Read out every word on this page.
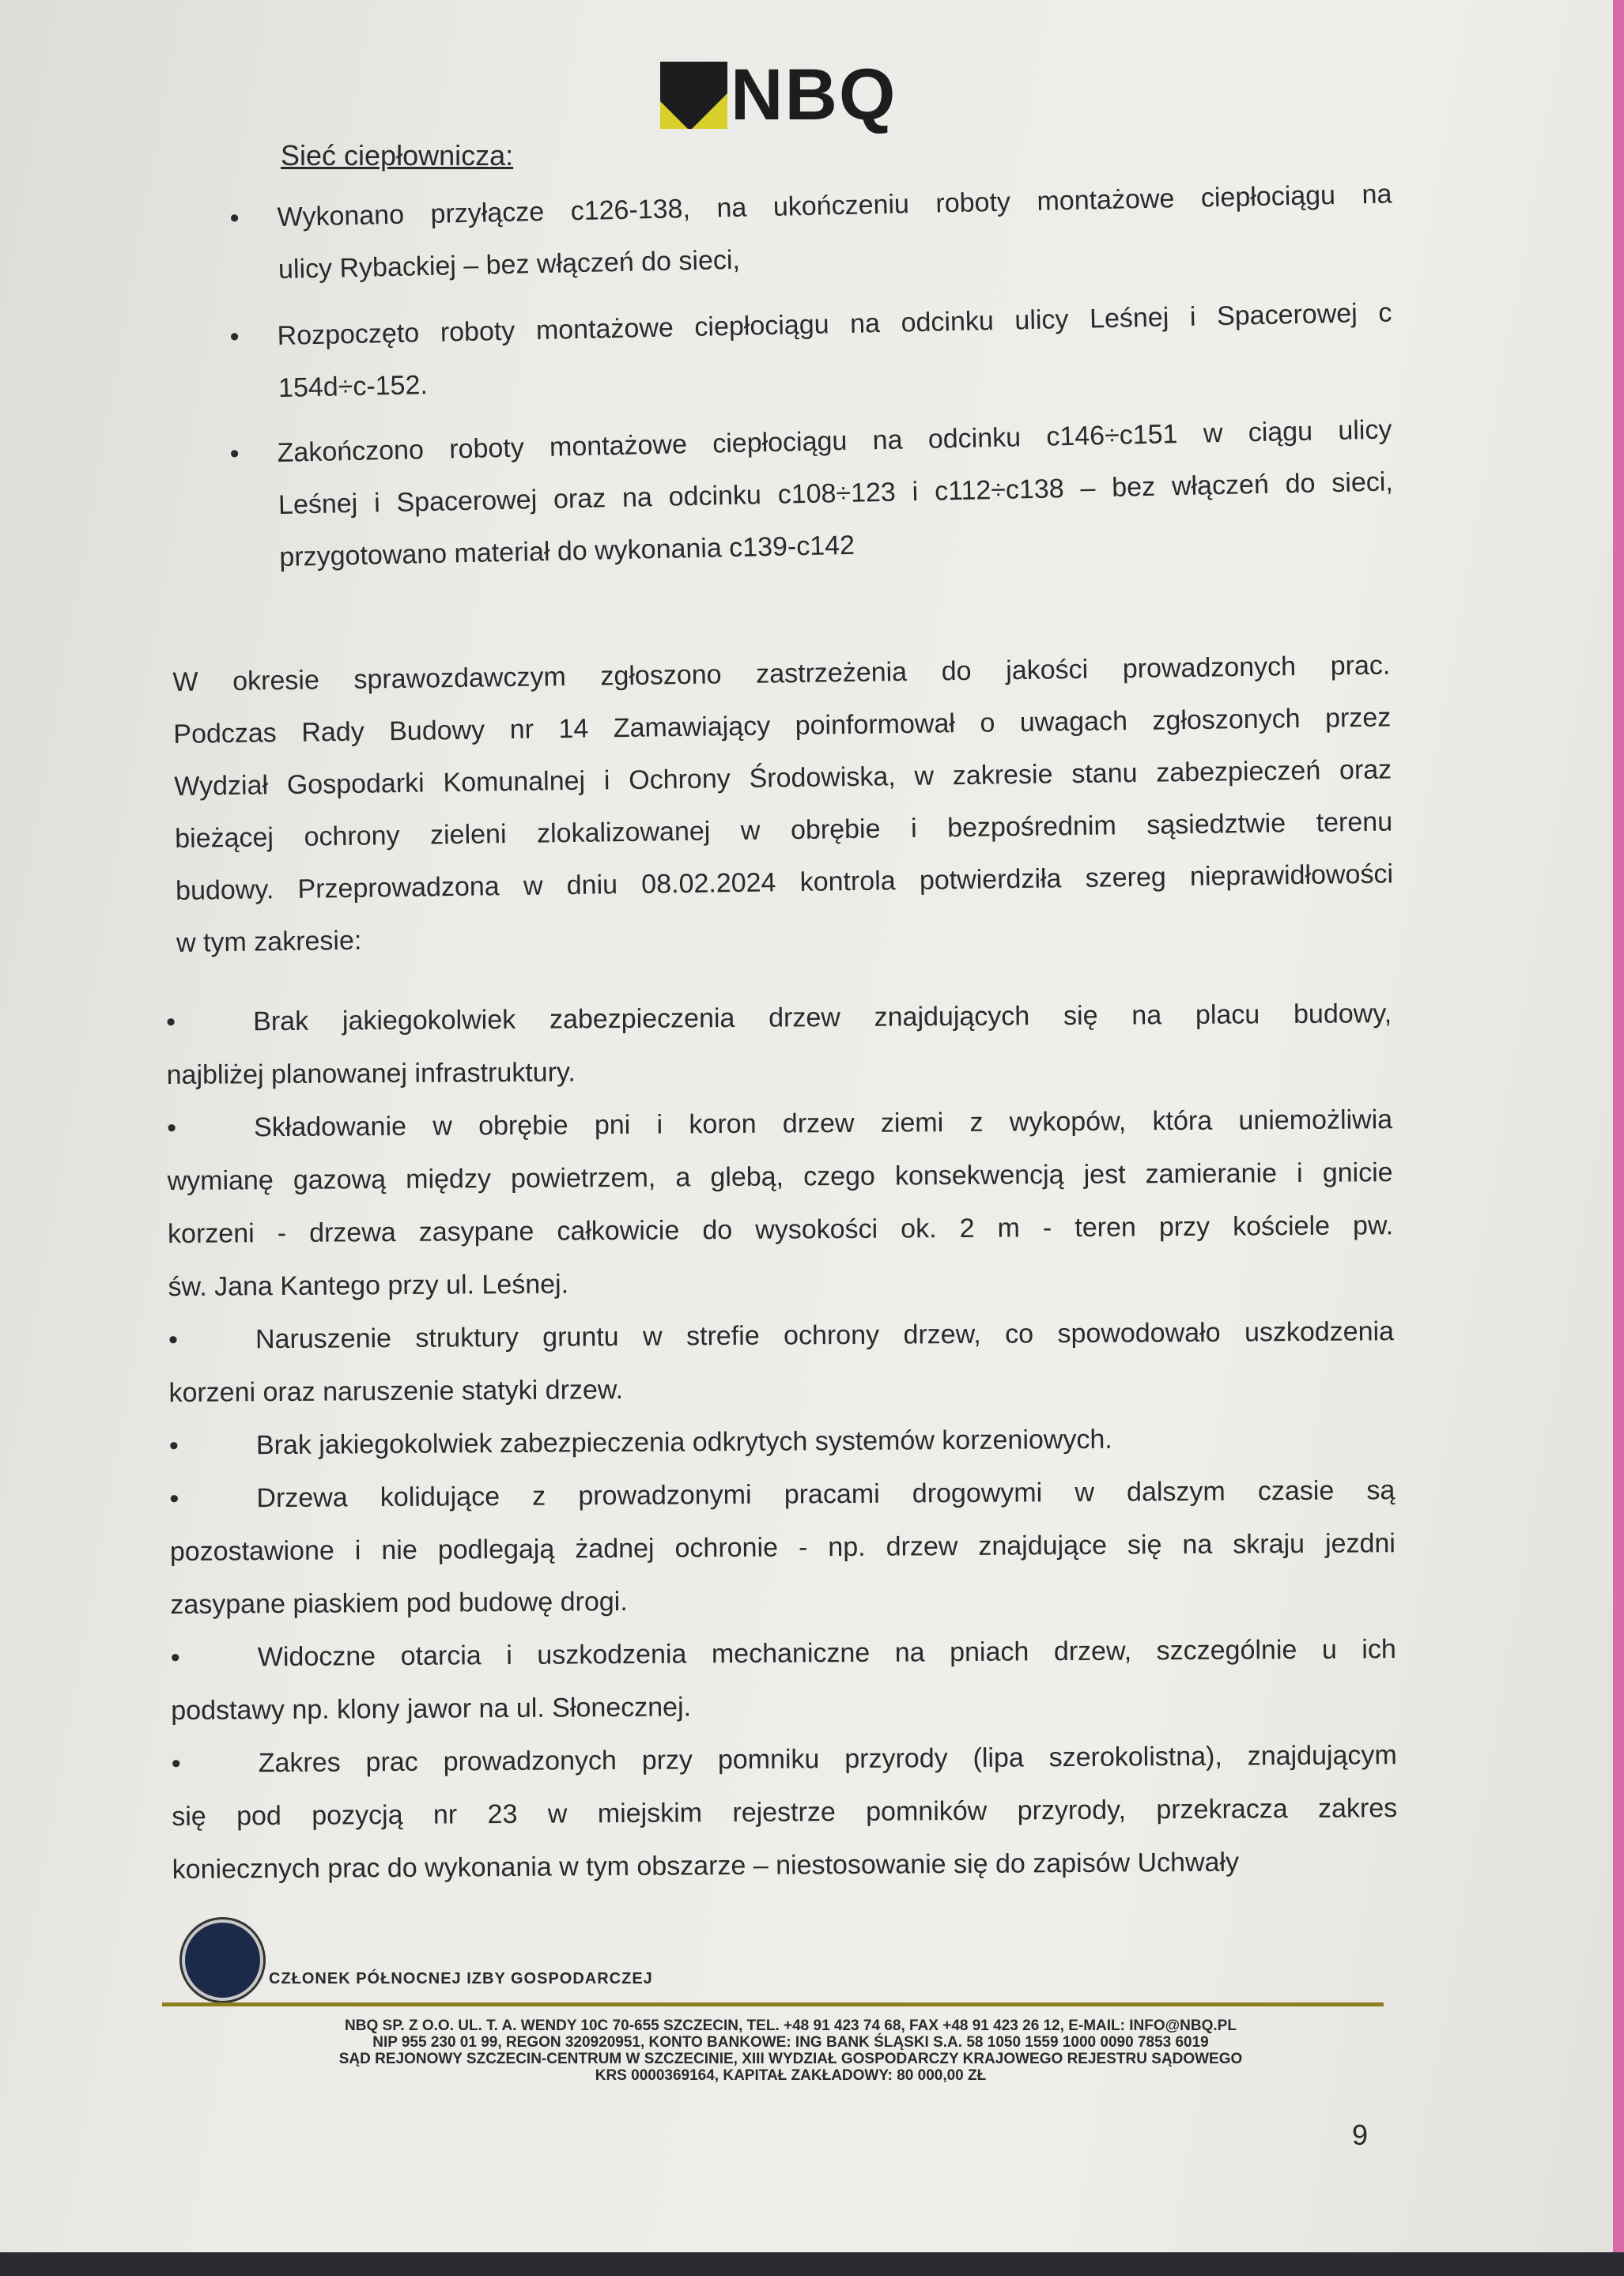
NBQ
Sieć ciepłownicza:
• Wykonano przyłącze c126-138, na ukończeniu roboty montażowe ciepłociągu na
ulicy Rybackiej – bez włączeń do sieci,
• Rozpoczęto roboty montażowe ciepłociągu na odcinku ulicy Leśnej i Spacerowej c
154d÷c-152.
• Zakończono roboty montażowe ciepłociągu na odcinku c146÷c151 w ciągu ulicy
Leśnej i Spacerowej oraz na odcinku c108÷123 i c112÷c138 – bez włączeń do sieci,
przygotowano materiał do wykonania c139-c142
W okresie sprawozdawczym zgłoszono zastrzeżenia do jakości prowadzonych prac.
Podczas Rady Budowy nr 14 Zamawiający poinformował o uwagach zgłoszonych przez
Wydział Gospodarki Komunalnej i Ochrony Środowiska, w zakresie stanu zabezpieczeń oraz
bieżącej ochrony zieleni zlokalizowanej w obrębie i bezpośrednim sąsiedztwie terenu
budowy. Przeprowadzona w dniu 08.02.2024 kontrola potwierdziła szereg nieprawidłowości
w tym zakresie:
•	Brak jakiegokolwiek zabezpieczenia drzew znajdujących się na placu budowy,
najbliżej planowanej infrastruktury.
•	Składowanie w obrębie pni i koron drzew ziemi z wykopów, która uniemożliwia
wymianę gazową między powietrzem, a glebą, czego konsekwencją jest zamieranie i gnicie
korzeni - drzewa zasypane całkowicie do wysokości ok. 2 m - teren przy kościele pw.
św. Jana Kantego przy ul. Leśnej.
•	Naruszenie struktury gruntu w strefie ochrony drzew, co spowodowało uszkodzenia
korzeni oraz naruszenie statyki drzew.
•	Brak jakiegokolwiek zabezpieczenia odkrytych systemów korzeniowych.
•	Drzewa kolidujące z prowadzonymi pracami drogowymi w dalszym czasie są
pozostawione i nie podlegają żadnej ochronie - np. drzew znajdujące się na skraju jezdni
zasypane piaskiem pod budowę drogi.
•	Widoczne otarcia i uszkodzenia mechaniczne na pniach drzew, szczególnie u ich
podstawy np. klony jawor na ul. Słonecznej.
•	Zakres prac prowadzonych przy pomniku przyrody (lipa szerokolistna), znajdującym
się pod pozycją nr 23 w miejskim rejestrze pomników przyrody, przekracza zakres
koniecznych prac do wykonania w tym obszarze – niestosowanie się do zapisów Uchwały
CZŁONEK PÓŁNOCNEJ IZBY GOSPODARCZEJ
NBQ SP. Z O.O. UL. T. A. WENDY 10C 70-655 SZCZECIN, TEL. +48 91 423 74 68, FAX +48 91 423 26 12, E-MAIL: INFO@NBQ.PL
NIP 955 230 01 99, REGON 320920951, KONTO BANKOWE: ING BANK ŚLĄSKI S.A. 58 1050 1559 1000 0090 7853 6019
SĄD REJONOWY SZCZECIN-CENTRUM W SZCZECINIE, XIII WYDZIAŁ GOSPODARCZY KRAJOWEGO REJESTRU SĄDOWEGO
KRS 0000369164, KAPITAŁ ZAKŁADOWY: 80 000,00 ZŁ
9
